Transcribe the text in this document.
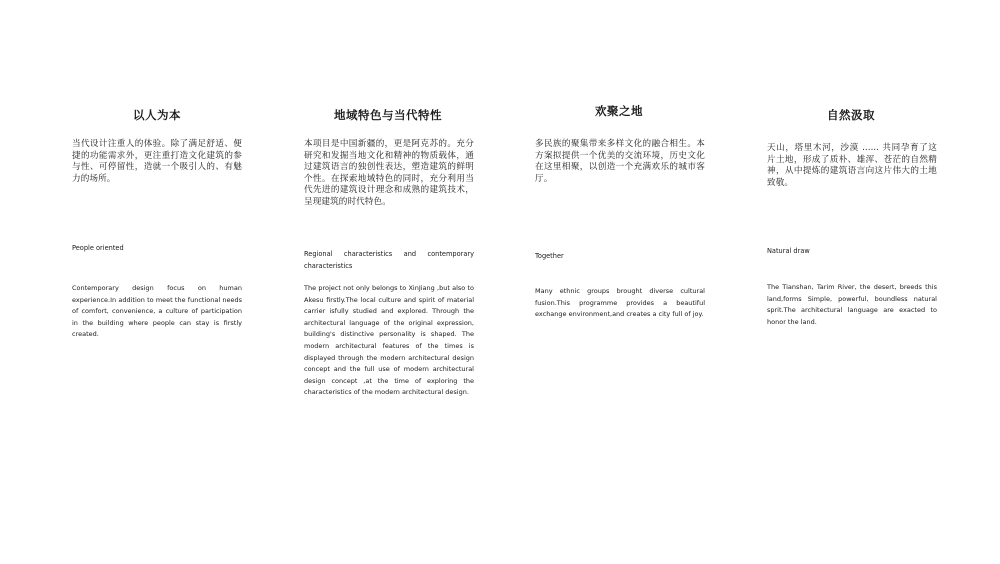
以人为本
当代设计注重人的体验。除了满足舒适、便捷的功能需求外，更注重打造文化建筑的参与性、可停留性，造就一个吸引人的、有魅力的场所。
People oriented
Contemporary design focus on human experience.In addition to meet the functional needs of comfort, convenience, a culture of participation in the building where people can stay is firstly created.
地域特色与当代特性
本项目是中国新疆的，更是阿克苏的。充分研究和发掘当地文化和精神的物质载体，通过建筑语言的独创性表达，塑造建筑的鲜明个性。在探索地域特色的同时，充分利用当代先进的建筑设计理念和成熟的建筑技术，呈现建筑的时代特色。
Regional characteristics and contemporary characteristics
The project not only belongs to XinJiang ,but also to Akesu firstly.The local culture and spirit of material carrier isfully studied and explored. Through the architectural language of the original expression, building's distinctive personality is shaped. The modern architectural features of the times is displayed through the modern architectural design concept and the full use of modern architectural design concept ,at the time of exploring the characteristics of the modern architectural design.
欢聚之地
多民族的聚集带来多样文化的融合相生。本方案拟提供一个优美的交流环境，历史文化在这里相聚，以创造一个充满欢乐的城市客厅。
Together
Many ethnic groups brought diverse cultural fusion.This programme provides a beautiful exchange environment,and creates a city full of joy.
自然汲取
天山，塔里木河，沙漠 ...... 共同孕育了这片土地，形成了质朴、雄浑、苍茫的自然精神，从中提炼的建筑语言向这片伟大的土地致敬。
Natural draw
The Tianshan, Tarim River, the desert, breeds this land,forms Simple, powerful, boundless natural sprit.The architectural language are exacted to honor the land.
